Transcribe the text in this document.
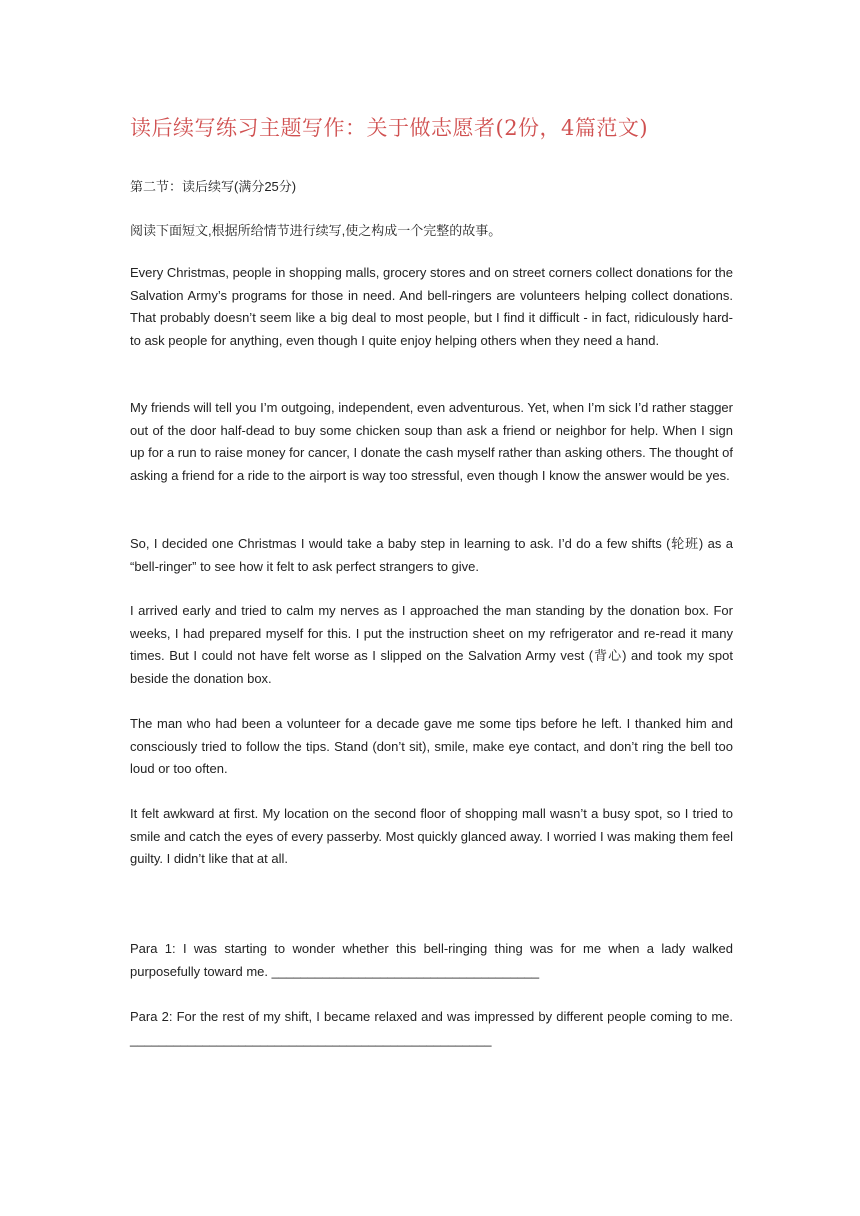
读后续写练习主题写作：关于做志愿者(2份，4篇范文)
第二节：读后续写(满分25分)
阅读下面短文,根据所给情节进行续写,使之构成一个完整的故事。

Every Christmas, people in shopping malls, grocery stores and on street corners collect donations for the Salvation Army’s programs for those in need. And bell-ringers are volunteers helping collect donations. That probably doesn’t seem like a big deal to most people, but I find it difficult - in fact, ridiculously hard-to ask people for anything, even though I quite enjoy helping others when they need a hand.

My friends will tell you I’m outgoing, independent, even adventurous. Yet, when I’m sick I’d rather stagger out of the door half-dead to buy some chicken soup than ask a friend or neighbor for help. When I sign up for a run to raise money for cancer, I donate the cash myself rather than asking others. The thought of asking a friend for a ride to the airport is way too stressful, even though I know the answer would be yes.

So, I decided one Christmas I would take a baby step in learning to ask. I’d do a few shifts (轮班) as a “bell-ringer” to see how it felt to ask perfect strangers to give.

I arrived early and tried to calm my nerves as I approached the man standing by the donation box. For weeks, I had prepared myself for this. I put the instruction sheet on my refrigerator and re-read it many times. But I could not have felt worse as I slipped on the Salvation Army vest (背心) and took my spot beside the donation box.

The man who had been a volunteer for a decade gave me some tips before he left. I thanked him and consciously tried to follow the tips. Stand (don’t sit), smile, make eye contact, and don’t ring the bell too loud or too often.

It felt awkward at first. My location on the second floor of shopping mall wasn’t a busy spot, so I tried to smile and catch the eyes of every passerby. Most quickly glanced away. I worried I was making them feel guilty. I didn’t like that at all.

Para 1: I was starting to wonder whether this bell-ringing thing was for me when a lady walked purposefully toward me. _____________________________________

Para 2: For the rest of my shift, I became relaxed and was impressed by different people coming to me. __________________________________________________
